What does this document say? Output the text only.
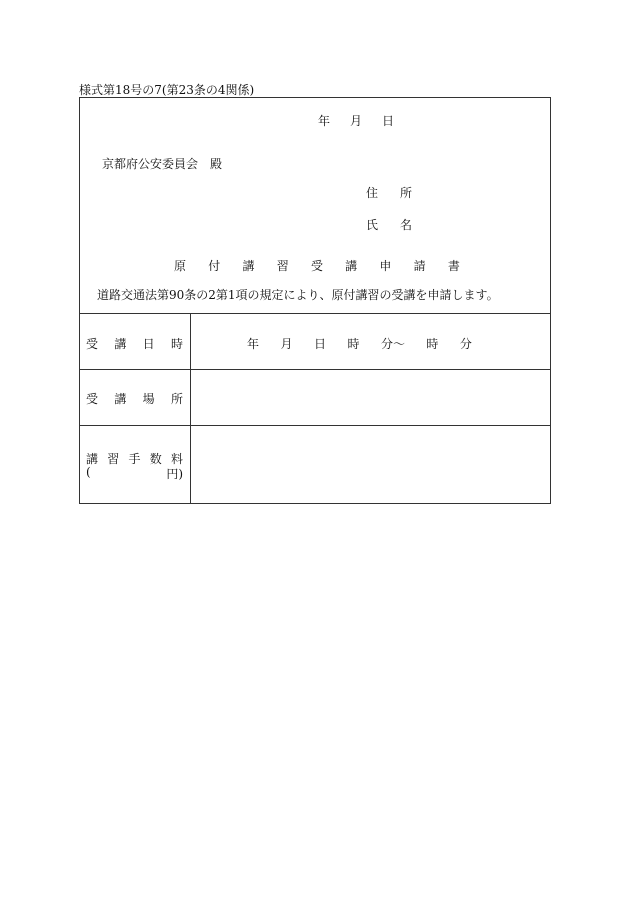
様式第18号の7(第23条の4関係)
年 月 日
京都府公安委員会 殿
住 所
氏 名
原 付 講 習 受 講 申 請 書
道路交通法第90条の2第1項の規定により、原付講習の受講を申請します。
受 講 日 時	年 月 日 時 分〜 時 分
受 講 場 所
講 習 手 数 料
(	円)
